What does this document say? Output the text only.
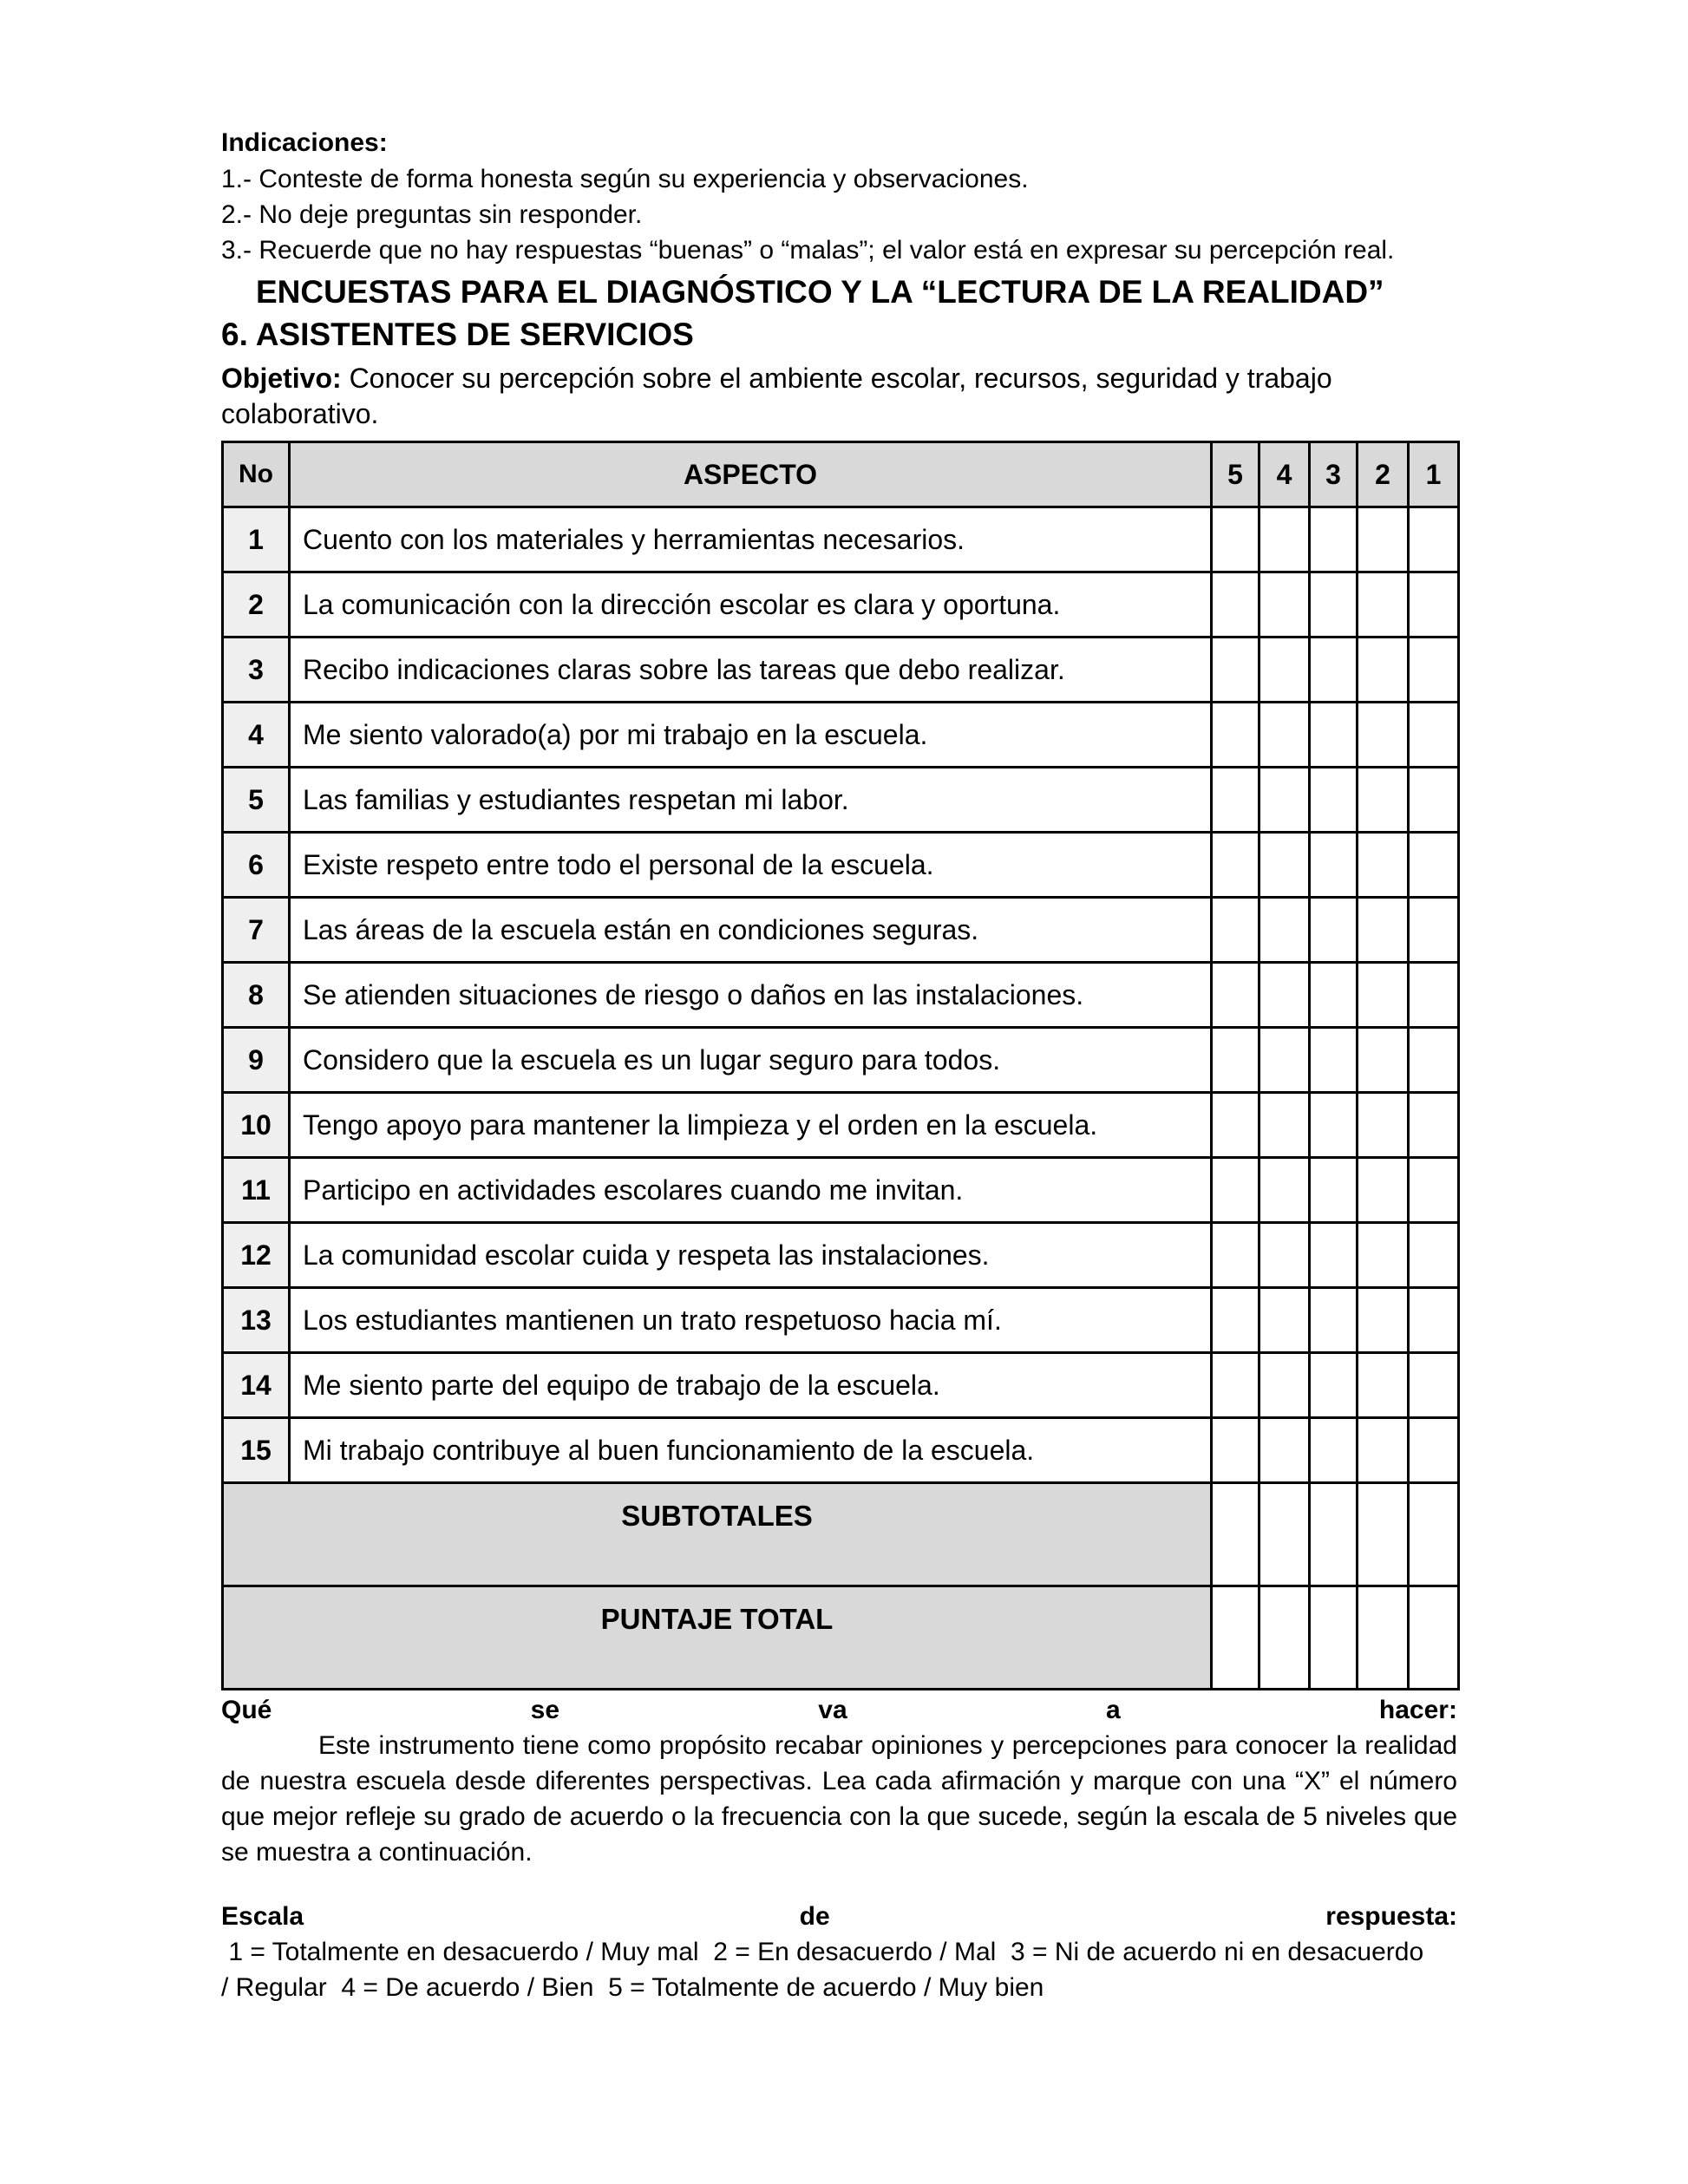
Indicaciones:
1.- Conteste de forma honesta según su experiencia y observaciones.
2.- No deje preguntas sin responder.
3.- Recuerde que no hay respuestas “buenas” o “malas”; el valor está en expresar su percepción real.
ENCUESTAS PARA EL DIAGNÓSTICO Y LA “LECTURA DE LA REALIDAD”
6. ASISTENTES DE SERVICIOS
Objetivo: Conocer su percepción sobre el ambiente escolar, recursos, seguridad y trabajo
colaborativo.
No	ASPECTO	5	4	3	2	1
1	Cuento con los materiales y herramientas necesarios.					
2	La comunicación con la dirección escolar es clara y oportuna.					
3	Recibo indicaciones claras sobre las tareas que debo realizar.					
4	Me siento valorado(a) por mi trabajo en la escuela.					
5	Las familias y estudiantes respetan mi labor.					
6	Existe respeto entre todo el personal de la escuela.					
7	Las áreas de la escuela están en condiciones seguras.					
8	Se atienden situaciones de riesgo o daños en las instalaciones.					
9	Considero que la escuela es un lugar seguro para todos.					
10	Tengo apoyo para mantener la limpieza y el orden en la escuela.					
11	Participo en actividades escolares cuando me invitan.					
12	La comunidad escolar cuida y respeta las instalaciones.					
13	Los estudiantes mantienen un trato respetuoso hacia mí.					
14	Me siento parte del equipo de trabajo de la escuela.					
15	Mi trabajo contribuye al buen funcionamiento de la escuela.					
SUBTOTALES						
PUNTAJE TOTAL						
Qué	se	va	a	hacer:
Este instrumento tiene como propósito recabar opiniones y percepciones para conocer la realidad de nuestra escuela desde diferentes perspectivas. Lea cada afirmación y marque con una “X” el número que mejor refleje su grado de acuerdo o la frecuencia con la que sucede, según la escala de 5 niveles que se muestra a continuación.
Escala	de	respuesta:
1 = Totalmente en desacuerdo / Muy mal  2 = En desacuerdo / Mal  3 = Ni de acuerdo ni en desacuerdo
/ Regular  4 = De acuerdo / Bien  5 = Totalmente de acuerdo / Muy bien
